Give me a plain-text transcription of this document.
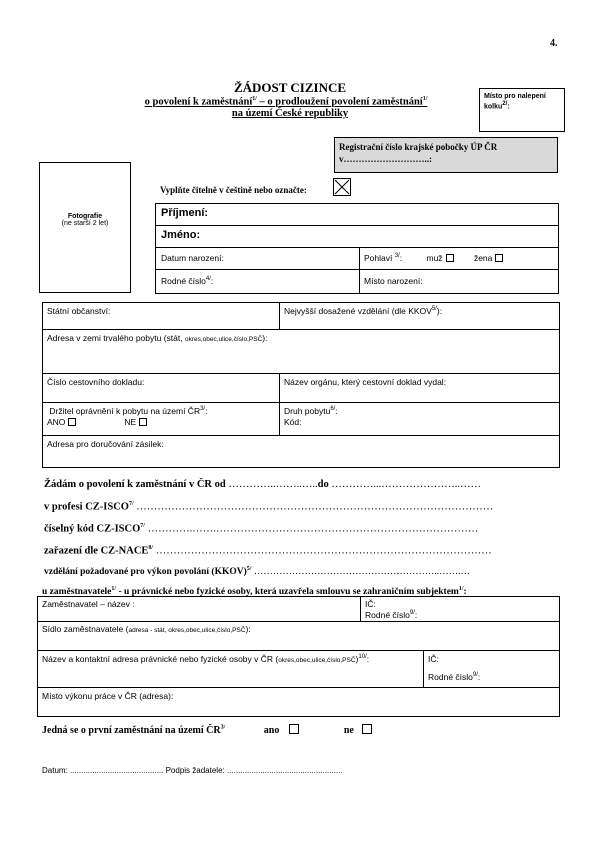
4.
ŽÁDOST CIZINCE
o povolení k zaměstnání$^{1/}$ – o prodloužení povolení zaměstnání$^{1/}$
na území České republiky
Místo pro nalepení kolku$^{2/}$:
Registrační číslo krajské pobočky ÚP ČR
v………………………..:
Fotografie
(ne starší 2 let)
Vyplňte čitelně v češtině nebo označte:
Příjmení:
Jméno:
Datum narození:	Pohlaví $^{3/}$:	muž	žena
Rodné číslo$^{4/}$:	Místo narození:
Státní občanství:	Nejvyšší dosažené vzdělání (dle $KKOV^{5/}$):
Adresa v zemi trvalého pobytu (stát, okres,obec,ulice,číslo,PSČ):
Číslo cestovního dokladu:	Název orgánu, který cestovní doklad vydal:
Držitel oprávnění k pobytu na území $ČR^{3/}$:
ANO	NE
Druh pobytu$^{6/}$:
Kód:
Adresa pro doručování zásilek:
Žádám o povolení k zaměstnání v ČR od …………..……..…..do …………...…………………..……
v profesi $CZ-ISCO^{7/}$ …………………………………………………………………………………………
číselný kód $CZ-ISCO^{7/}$ ………….…….…………………………………………………………………
zařazení dle $CZ-NACE^{8/}$ ……………………………………………………………………………………
vzdělání požadované pro výkon povolání (KKOV)$^{5/}$ …………………………………………………..…….…
u zaměstnavatele$^{1/}$ - u právnické nebo fyzické osoby, která uzavřela smlouvu se zahraničním subjektem$^{1/}$:
Zaměstnavatel – název :	IČ:
Rodné číslo$^{9/}$:
Sídlo zaměstnavatele (adresa - stát, okres,obec,ulice,číslo,PSČ):
Název a kontaktní adresa právnické nebo fyzické osoby v ČR (okres,obec,ulice,číslo,PSČ)$^{10/}$:	IČ:
Rodné číslo$^{9/}$:
Místo výkonu práce v ČR (adresa):
Jedná se o první zaměstnání na území $ČR^{3/}$	ano	ne
Datum: .......................................... Podpis žadatele: ....................................................
